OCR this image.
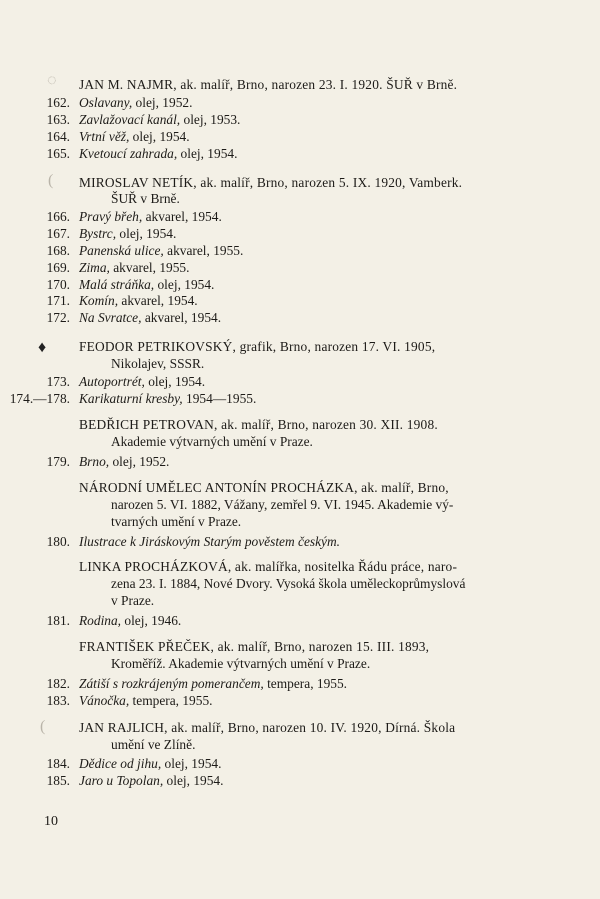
◌
(
♦
(
JAN M. NAJMR, ak. malíř, Brno, narozen 23. I. 1920. ŠUŘ v Brně.
162. Oslavany, olej, 1952.
163. Zavlažovací kanál, olej, 1953.
164. Vrtní věž, olej, 1954.
165. Kvetoucí zahrada, olej, 1954.
MIROSLAV NETÍK, ak. malíř, Brno, narozen 5. IX. 1920, Vamberk.
ŠUŘ v Brně.
166. Pravý břeh, akvarel, 1954.
167. Bystrc, olej, 1954.
168. Panenská ulice, akvarel, 1955.
169. Zima, akvarel, 1955.
170. Malá stráňka, olej, 1954.
171. Komín, akvarel, 1954.
172. Na Svratce, akvarel, 1954.
FEODOR PETRIKOVSKÝ, grafik, Brno, narozen 17. VI. 1905,
Nikolajev, SSSR.
173. Autoportrét, olej, 1954.
174.—178. Karikaturní kresby, 1954—1955.
BEDŘICH PETROVAN, ak. malíř, Brno, narozen 30. XII. 1908.
Akademie výtvarných umění v Praze.
179. Brno, olej, 1952.
NÁRODNÍ UMĚLEC ANTONÍN PROCHÁZKA, ak. malíř, Brno,
narozen 5. VI. 1882, Vážany, zemřel 9. VI. 1945. Akademie vý-
tvarných umění v Praze.
180. Ilustrace k Jiráskovým Starým pověstem českým.
LINKA PROCHÁZKOVÁ, ak. malířka, nositelka Řádu práce, naro-
zena 23. I. 1884, Nové Dvory. Vysoká škola uměleckoprůmyslová
v Praze.
181. Rodina, olej, 1946.
FRANTIŠEK PŘEČEK, ak. malíř, Brno, narozen 15. III. 1893,
Kroměříž. Akademie výtvarných umění v Praze.
182. Zátiší s rozkrájeným pomerančem, tempera, 1955.
183. Vánočka, tempera, 1955.
JAN RAJLICH, ak. malíř, Brno, narozen 10. IV. 1920, Dírná. Škola
umění ve Zlíně.
184. Dědice od jihu, olej, 1954.
185. Jaro u Topolan, olej, 1954.
10
